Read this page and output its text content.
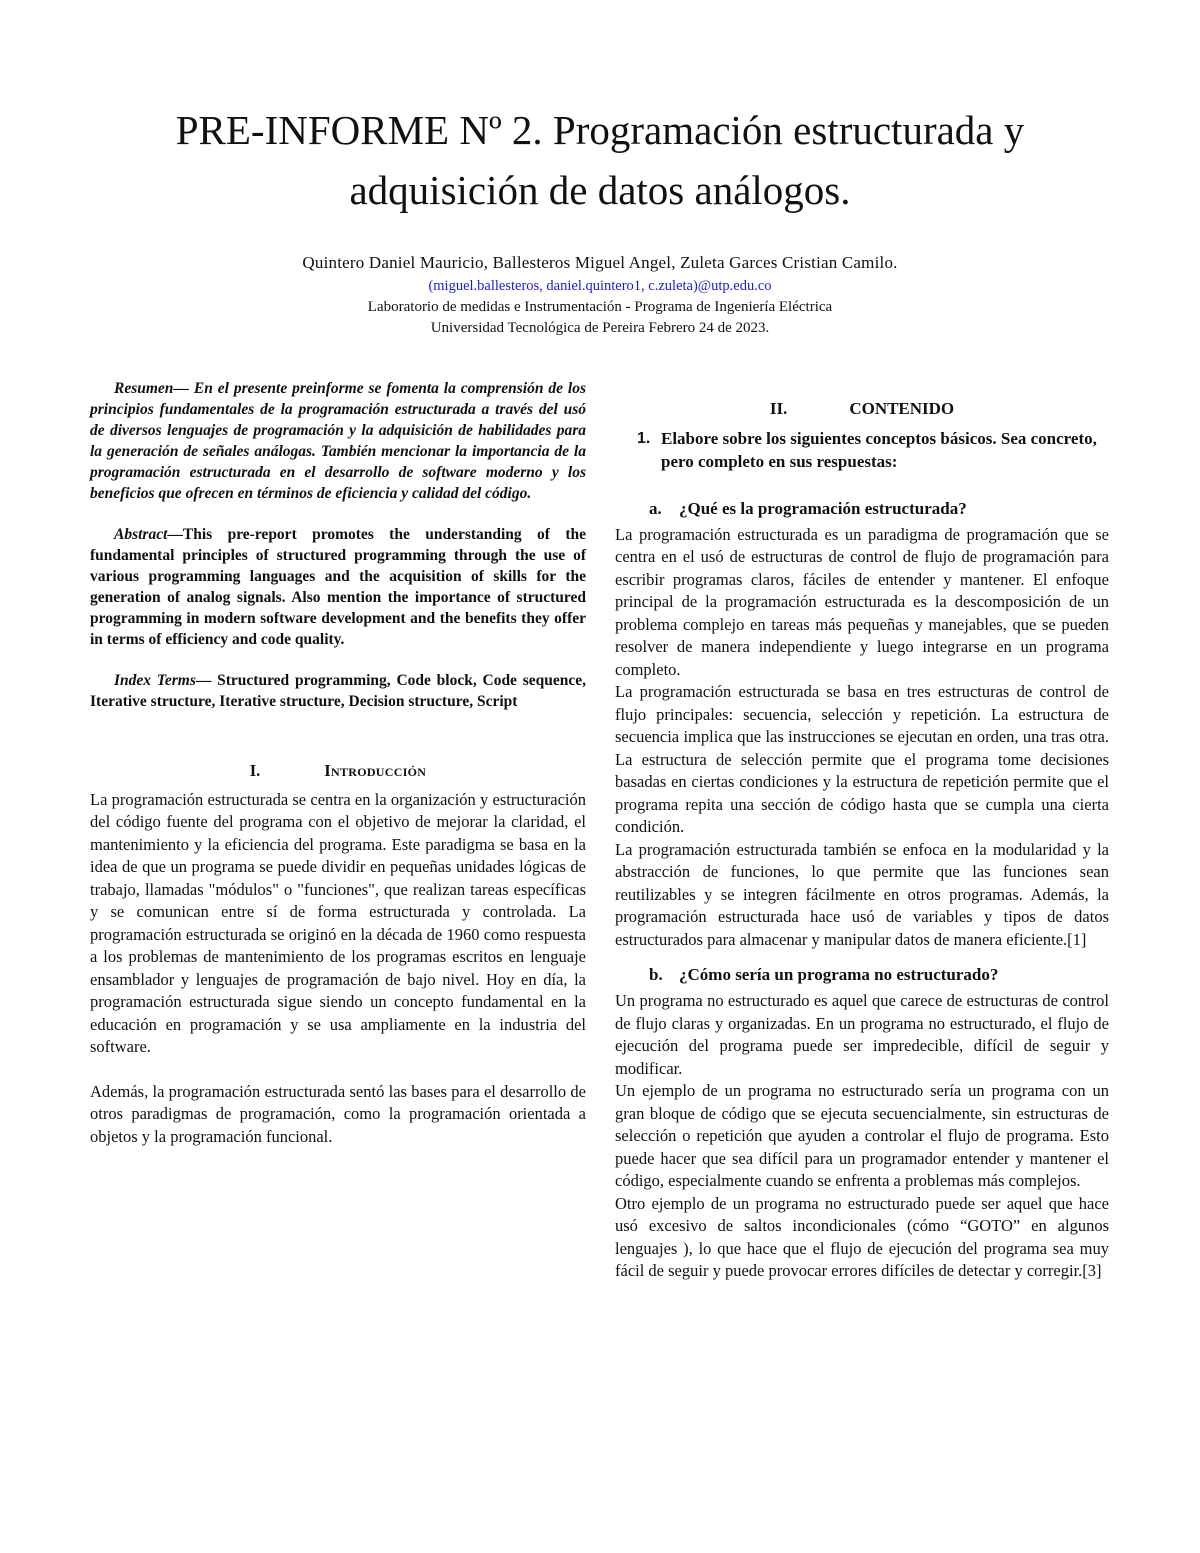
PRE-INFORME Nº 2. Programación estructurada y
adquisición de datos análogos.
Quintero Daniel Mauricio, Ballesteros Miguel Angel, Zuleta Garces Cristian Camilo.
(miguel.ballesteros, daniel.quintero1, c.zuleta)@utp.edu.co
Laboratorio de medidas e Instrumentación - Programa de Ingeniería Eléctrica
Universidad Tecnológica de Pereira Febrero 24 de 2023.

Resumen— En el presente preinforme se fomenta la comprensión de los principios fundamentales de la programación estructurada a través del usó de diversos lenguajes de programación y la adquisición de habilidades para la generación de señales análogas. También mencionar la importancia de la programación estructurada en el desarrollo de software moderno y los beneficios que ofrecen en términos de eficiencia y calidad del código.

Abstract—This pre-report promotes the understanding of the fundamental principles of structured programming through the use of various programming languages and the acquisition of skills for the generation of analog signals. Also mention the importance of structured programming in modern software development and the benefits they offer in terms of efficiency and code quality.

Index Terms— Structured programming, Code block, Code sequence, Iterative structure, Iterative structure, Decision structure, Script

I.	Introducción

La programación estructurada se centra en la organización y estructuración del código fuente del programa con el objetivo de mejorar la claridad, el mantenimiento y la eficiencia del programa. Este paradigma se basa en la idea de que un programa se puede dividir en pequeñas unidades lógicas de trabajo, llamadas "módulos" o "funciones", que realizan tareas específicas y se comunican entre sí de forma estructurada y controlada. La programación estructurada se originó en la década de 1960 como respuesta a los problemas de mantenimiento de los programas escritos en lenguaje ensamblador y lenguajes de programación de bajo nivel. Hoy en día, la programación estructurada sigue siendo un concepto fundamental en la educación en programación y se usa ampliamente en la industria del software.

Además, la programación estructurada sentó las bases para el desarrollo de otros paradigmas de programación, como la programación orientada a objetos y la programación funcional.

II.	CONTENIDO
1. Elabore sobre los siguientes conceptos básicos. Sea concreto, pero completo en sus respuestas:
a.	¿Qué es la programación estructurada?

La programación estructurada es un paradigma de programación que se centra en el usó de estructuras de control de flujo de programación para escribir programas claros, fáciles de entender y mantener. El enfoque principal de la programación estructurada es la descomposición de un problema complejo en tareas más pequeñas y manejables, que se pueden resolver de manera independiente y luego integrarse en un programa completo.

La programación estructurada se basa en tres estructuras de control de flujo principales: secuencia, selección y repetición. La estructura de secuencia implica que las instrucciones se ejecutan en orden, una tras otra. La estructura de selección permite que el programa tome decisiones basadas en ciertas condiciones y la estructura de repetición permite que el programa repita una sección de código hasta que se cumpla una cierta condición.

La programación estructurada también se enfoca en la modularidad y la abstracción de funciones, lo que permite que las funciones sean reutilizables y se integren fácilmente en otros programas. Además, la programación estructurada hace usó de variables y tipos de datos estructurados para almacenar y manipular datos de manera eficiente.[1]

b. ¿Cómo sería un programa no estructurado?

Un programa no estructurado es aquel que carece de estructuras de control de flujo claras y organizadas. En un programa no estructurado, el flujo de ejecución del programa puede ser impredecible, difícil de seguir y modificar.

Un ejemplo de un programa no estructurado sería un programa con un gran bloque de código que se ejecuta secuencialmente, sin estructuras de selección o repetición que ayuden a controlar el flujo de programa. Esto puede hacer que sea difícil para un programador entender y mantener el código, especialmente cuando se enfrenta a problemas más complejos.

Otro ejemplo de un programa no estructurado puede ser aquel que hace usó excesivo de saltos incondicionales (cómo “GOTO” en algunos lenguajes ), lo que hace que el flujo de ejecución del programa sea muy fácil de seguir y puede provocar errores difíciles de detectar y corregir.[3]
